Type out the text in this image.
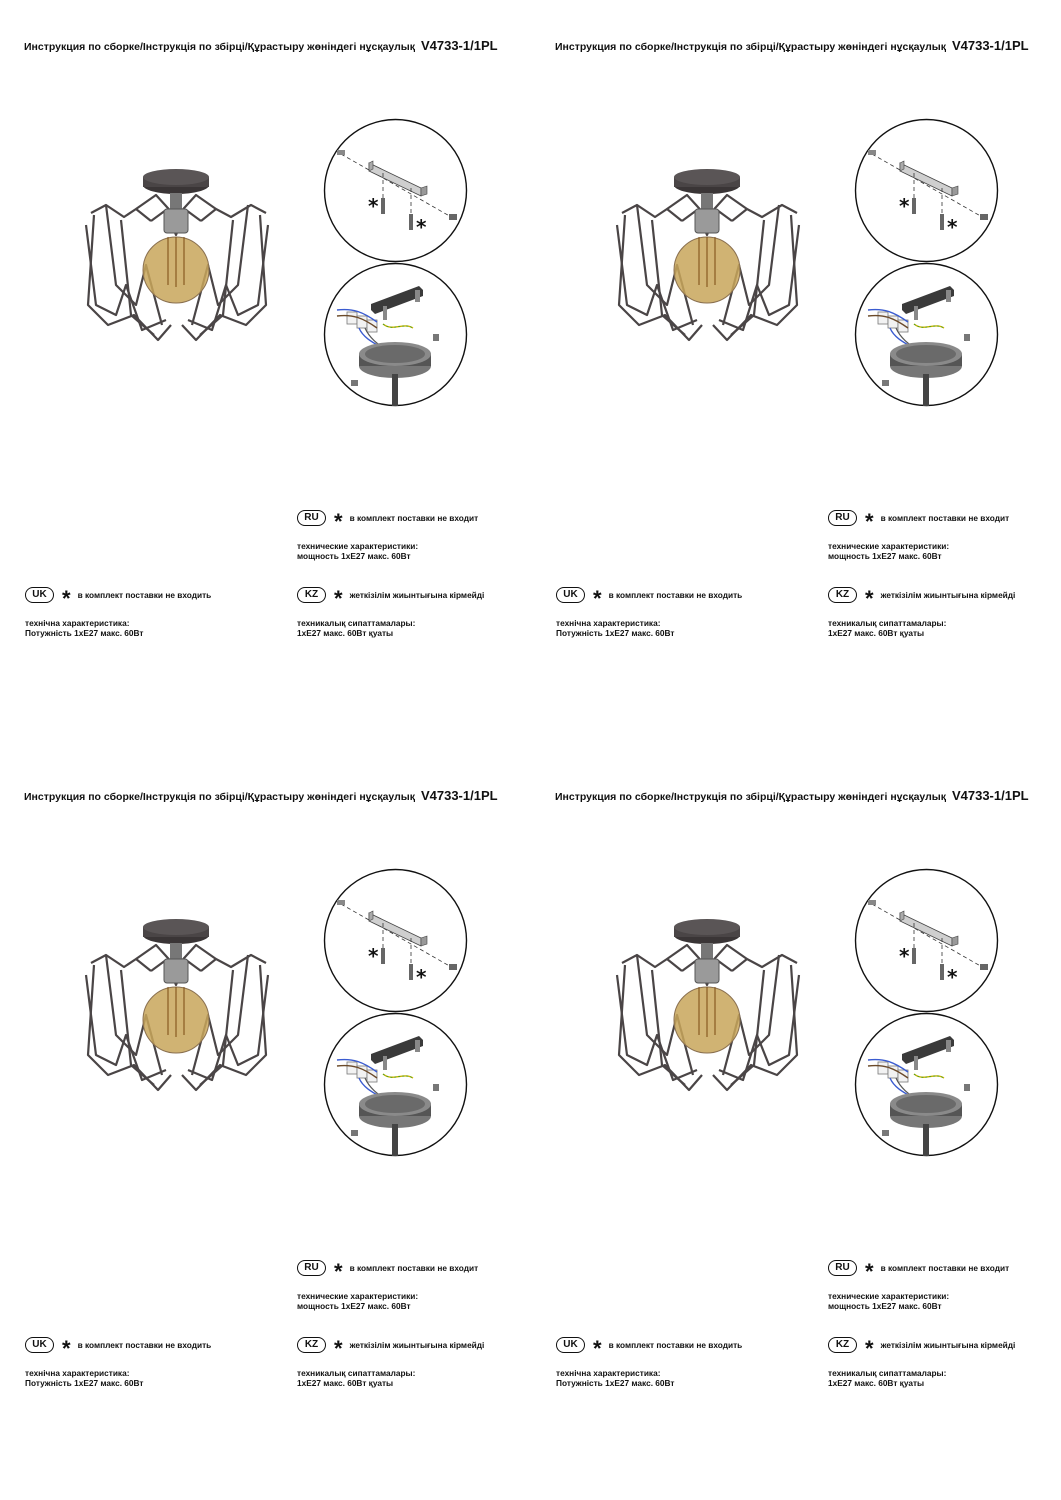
Инструкция по сборке/Інструкція по збірці/Құрастыру жөніндегі нұсқаулық V4733-1/1PL
*
*
RU * в комплект поставки не входит
технические характеристики:
мощность 1хE27 макс. 60Вт
UK * в комплект поставки не входить
технічна характеристика:
Потужність 1хE27 макс. 60Вт
KZ * жеткізілім жиынтығына кірмейді
техникалық сипаттамалары:
1хE27 макс. 60Вт қуаты
Инструкция по сборке/Інструкція по збірці/Құрастыру жөніндегі нұсқаулық V4733-1/1PL
*
*
RU * в комплект поставки не входит
технические характеристики:
мощность 1хE27 макс. 60Вт
UK * в комплект поставки не входить
технічна характеристика:
Потужність 1хE27 макс. 60Вт
KZ * жеткізілім жиынтығына кірмейді
техникалық сипаттамалары:
1хE27 макс. 60Вт қуаты
Инструкция по сборке/Інструкція по збірці/Құрастыру жөніндегі нұсқаулық V4733-1/1PL
*
*
RU * в комплект поставки не входит
технические характеристики:
мощность 1хE27 макс. 60Вт
UK * в комплект поставки не входить
технічна характеристика:
Потужність 1хE27 макс. 60Вт
KZ * жеткізілім жиынтығына кірмейді
техникалық сипаттамалары:
1хE27 макс. 60Вт қуаты
Инструкция по сборке/Інструкція по збірці/Құрастыру жөніндегі нұсқаулық V4733-1/1PL
*
*
RU * в комплект поставки не входит
технические характеристики:
мощность 1хE27 макс. 60Вт
UK * в комплект поставки не входить
технічна характеристика:
Потужність 1хE27 макс. 60Вт
KZ * жеткізілім жиынтығына кірмейді
техникалық сипаттамалары:
1хE27 макс. 60Вт қуаты
